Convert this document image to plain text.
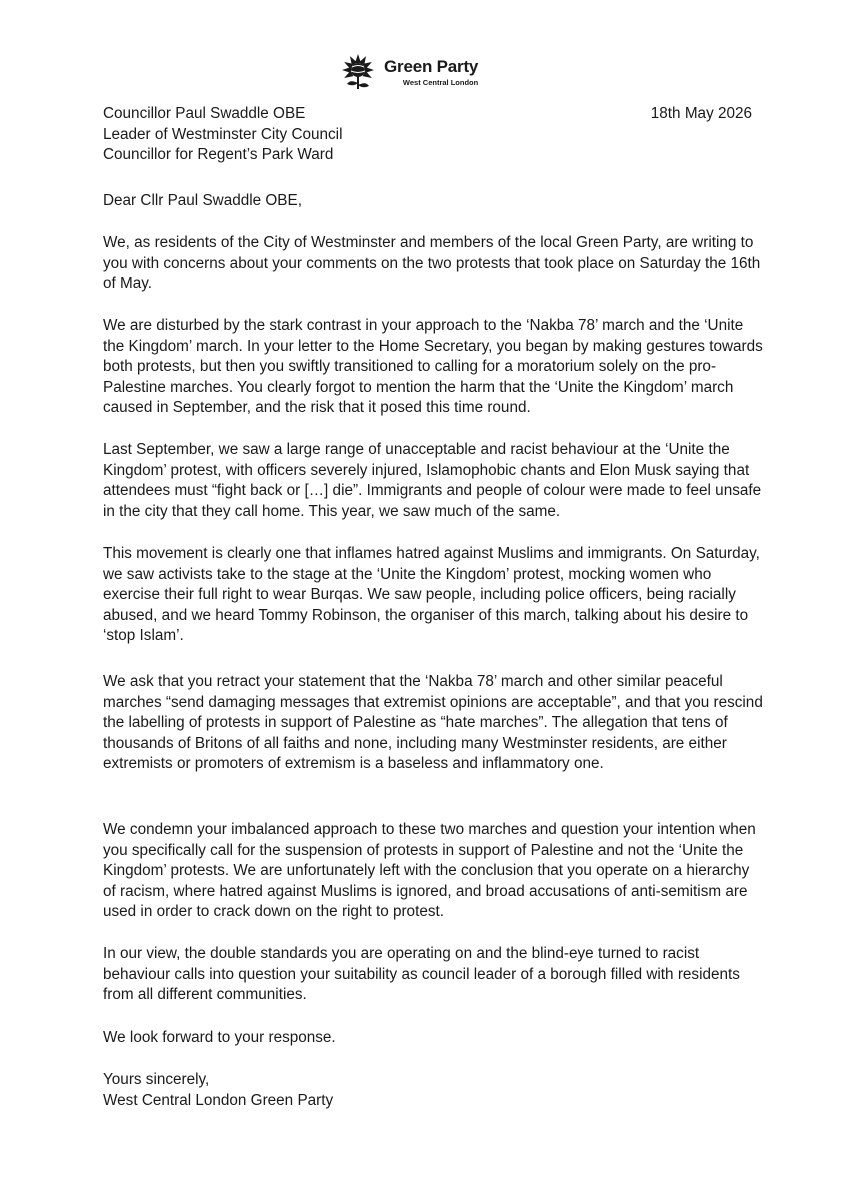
Green Party
West Central London
Councillor Paul Swaddle OBE
Leader of Westminster City Council
Councillor for Regent’s Park Ward
18th May 2026
Dear Cllr Paul Swaddle OBE,

We, as residents of the City of Westminster and members of the local Green Party, are writing to you with concerns about your comments on the two protests that took place on Saturday the 16th of May.

We are disturbed by the stark contrast in your approach to the ‘Nakba 78’ march and the ‘Unite the Kingdom’ march. In your letter to the Home Secretary, you began by making gestures towards both protests, but then you swiftly transitioned to calling for a moratorium solely on the pro-Palestine marches. You clearly forgot to mention the harm that the ‘Unite the Kingdom’ march caused in September, and the risk that it posed this time round.

Last September, we saw a large range of unacceptable and racist behaviour at the ‘Unite the Kingdom’ protest, with officers severely injured, Islamophobic chants and Elon Musk saying that attendees must “fight back or […] die”. Immigrants and people of colour were made to feel unsafe in the city that they call home. This year, we saw much of the same.

This movement is clearly one that inflames hatred against Muslims and immigrants. On Saturday, we saw activists take to the stage at the ‘Unite the Kingdom’ protest, mocking women who exercise their full right to wear Burqas. We saw people, including police officers, being racially abused, and we heard Tommy Robinson, the organiser of this march, talking about his desire to ‘stop Islam’.

We ask that you retract your statement that the ‘Nakba 78’ march and other similar peaceful marches “send damaging messages that extremist opinions are acceptable”, and that you rescind the labelling of protests in support of Palestine as “hate marches”. The allegation that tens of thousands of Britons of all faiths and none, including many Westminster residents, are either extremists or promoters of extremism is a baseless and inflammatory one.

We condemn your imbalanced approach to these two marches and question your intention when you specifically call for the suspension of protests in support of Palestine and not the ‘Unite the Kingdom’ protests. We are unfortunately left with the conclusion that you operate on a hierarchy of racism, where hatred against Muslims is ignored, and broad accusations of anti-semitism are used in order to crack down on the right to protest.

In our view, the double standards you are operating on and the blind-eye turned to racist behaviour calls into question your suitability as council leader of a borough filled with residents from all different communities.

We look forward to your response.

Yours sincerely,
West Central London Green Party
